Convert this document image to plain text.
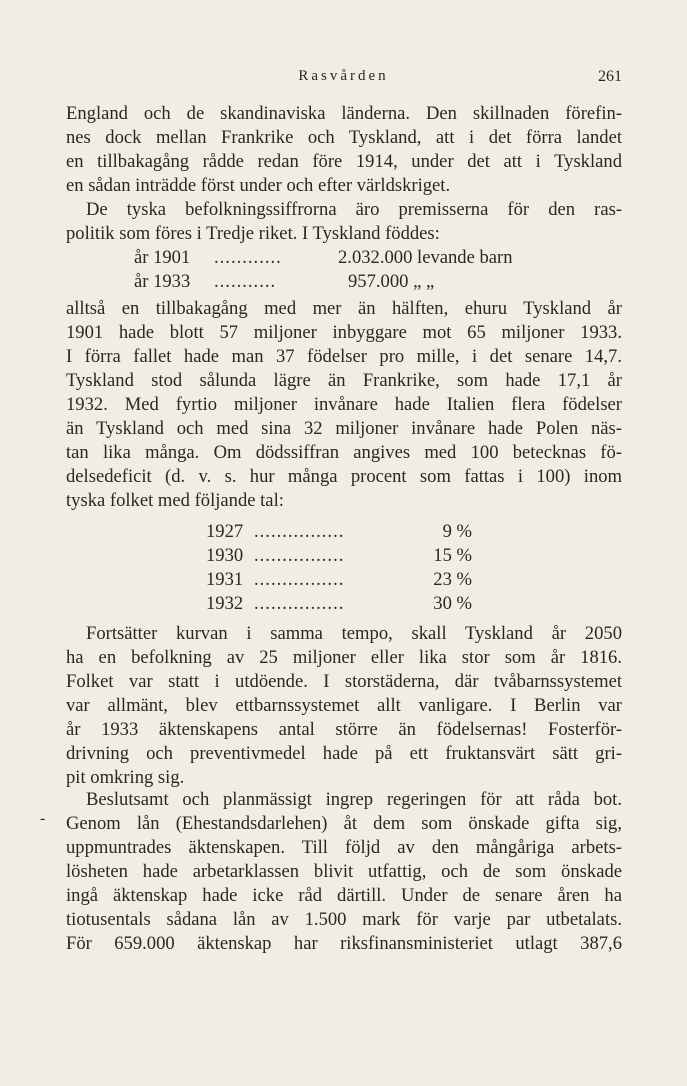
Rasvården	261
-
England och de skandinaviska länderna. Den skillnaden förefin-
nes dock mellan Frankrike och Tyskland, att i det förra landet
en tillbakagång rådde redan före 1914, under det att i Tyskland
en sådan inträdde först under och efter världskriget.
De tyska befolkningssiffrorna äro premisserna för den ras-
politik som föres i Tredje riket. I Tyskland föddes:
år 1901 ............	2.032.000 levande barn
år 1933 ...........	957.000 „ „
alltså en tillbakagång med mer än hälften, ehuru Tyskland år
1901 hade blott 57 miljoner inbyggare mot 65 miljoner 1933.
I förra fallet hade man 37 födelser pro mille, i det senare 14,7.
Tyskland stod sålunda lägre än Frankrike, som hade 17,1 år
1932. Med fyrtio miljoner invånare hade Italien flera födelser
än Tyskland och med sina 32 miljoner invånare hade Polen näs-
tan lika många. Om dödssiffran angives med 100 betecknas fö-
delsedeficit (d. v. s. hur många procent som fattas i 100) inom
tyska folket med följande tal:
1927 ................	9 %
1930 ................	15 %
1931 ................	23 %
1932 ................	30 %
Fortsätter kurvan i samma tempo, skall Tyskland år 2050
ha en befolkning av 25 miljoner eller lika stor som år 1816.
Folket var statt i utdöende. I storstäderna, där tvåbarnssystemet
var allmänt, blev ettbarnssystemet allt vanligare. I Berlin var
år 1933 äktenskapens antal större än födelsernas! Fosterför-
drivning och preventivmedel hade på ett fruktansvärt sätt gri-
pit omkring sig.
Beslutsamt och planmässigt ingrep regeringen för att råda bot.
Genom lån (Ehestandsdarlehen) åt dem som önskade gifta sig,
uppmuntrades äktenskapen. Till följd av den mångåriga arbets-
lösheten hade arbetarklassen blivit utfattig, och de som önskade
ingå äktenskap hade icke råd därtill. Under de senare åren ha
tiotusentals sådana lån av 1.500 mark för varje par utbetalats.
För 659.000 äktenskap har riksfinansministeriet utlagt 387,6
